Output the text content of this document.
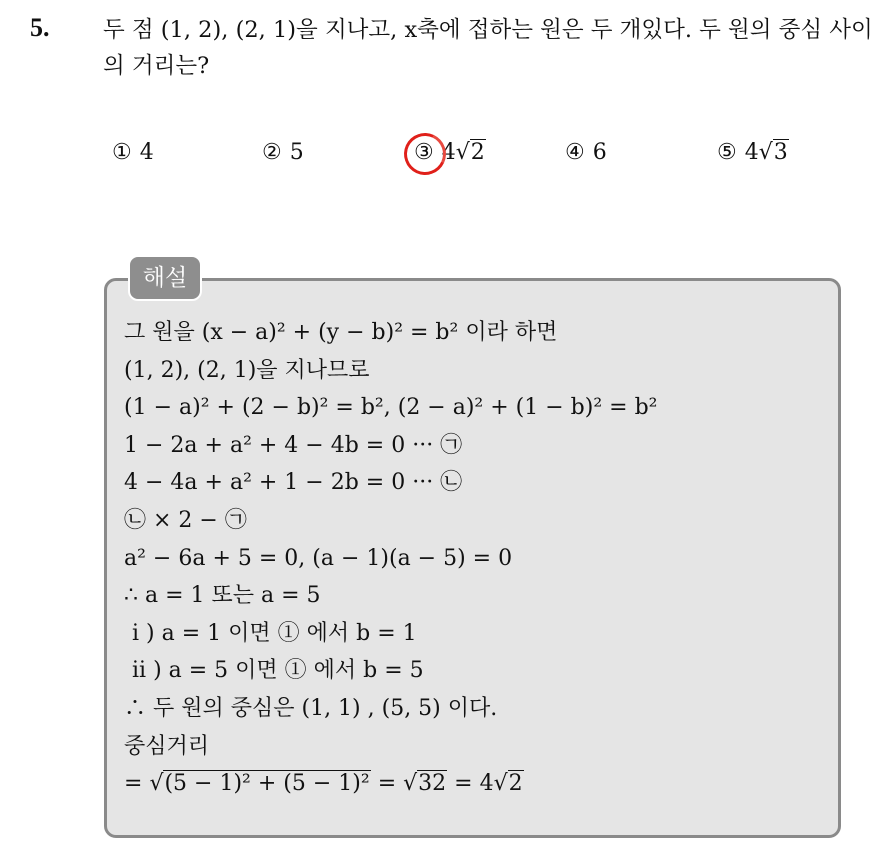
5. 두 점 (1, 2), (2, 1)을 지나고, x축에 접하는 원은 두 개있다. 두 원의 중심 사이의 거리는?
① 4	② 5	③ 4√2	④ 6	⑤ 4√3
해설
그 원을 (x − a)² + (y − b)² = b² 이라 하면
(1, 2), (2, 1)을 지나므로
(1 − a)² + (2 − b)² = b², (2 − a)² + (1 − b)² = b²
1 − 2a + a² + 4 − 4b = 0 ··· ㉠
4 − 4a + a² + 1 − 2b = 0 ··· ㉡
㉡ × 2 − ㉠
a² − 6a + 5 = 0, (a − 1)(a − 5) = 0
∴ a = 1 또는 a = 5
i ) a = 1 이면 ① 에서 b = 1
ii ) a = 5 이면 ① 에서 b = 5
∴ 두 원의 중심은 (1, 1) , (5, 5) 이다.
중심거리
= √(5 − 1)² + (5 − 1)² = √32 = 4√2
